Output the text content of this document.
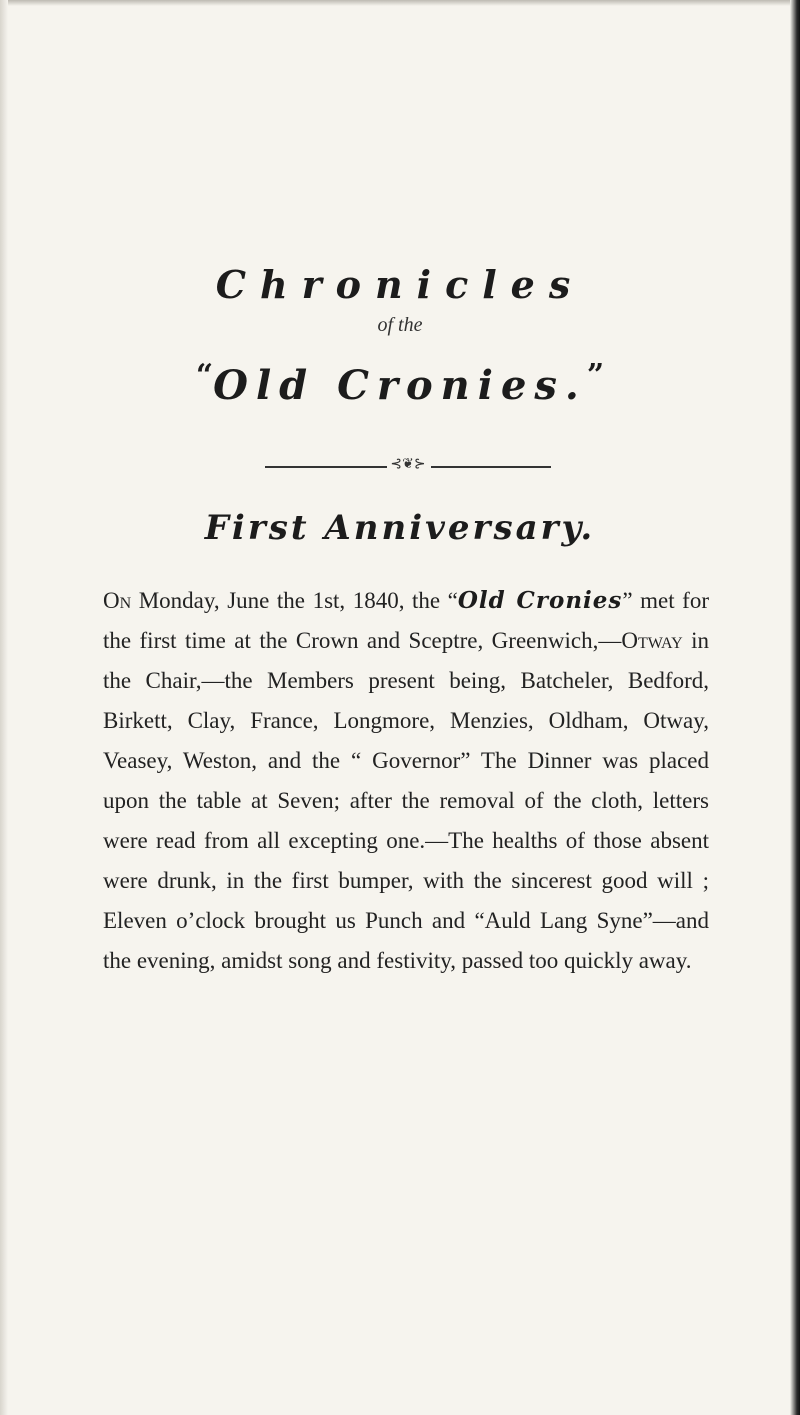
Chronicles
of the
“Old Cronies.”
⊰❦⊱
First Anniversary.

On Monday, June the 1st, 1840, the “Old Cronies” met for the first time at the Crown and Sceptre, Greenwich,—Otway in the Chair,—the Members present being, Batcheler, Bedford, Birkett, Clay, France, Longmore, Menzies, Oldham, Otway, Veasey, Weston, and the “ Governor” The Dinner was placed upon the table at Seven; after the removal of the cloth, letters were read from all excepting one.—The healths of those absent were drunk, in the first bumper, with the sincerest good will ; Eleven o’clock brought us Punch and “Auld Lang Syne”—and the evening, amidst song and festivity, passed too quickly away.
